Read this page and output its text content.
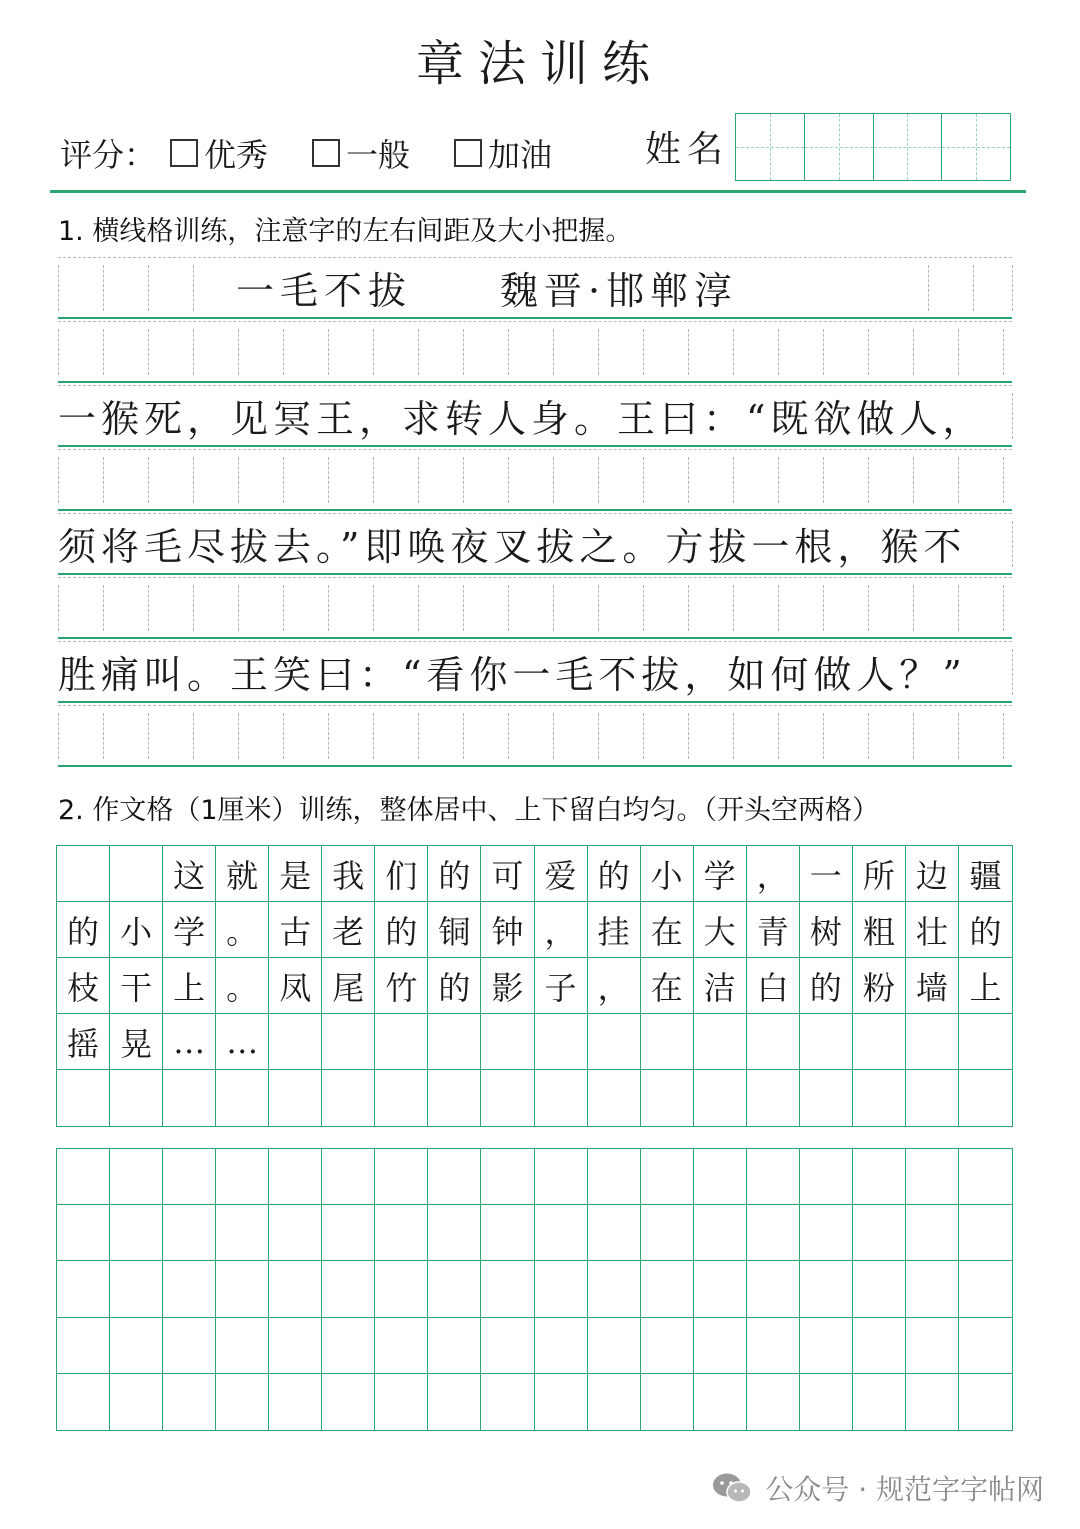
章法训练
评分： 优秀 一般 加油	姓名
1. 横线格训练，注意字的左右间距及大小把握。
一毛不拔　　魏晋·邯郸淳
一猴死，见冥王，求转人身。王曰：“既欲做人，
须将毛尽拔去。”即唤夜叉拔之。方拔一根，猴不
胜痛叫。王笑曰：“看你一毛不拔，如何做人？”
2. 作文格（1厘米）训练，整体居中、上下留白均匀。（开头空两格）
这 就 是 我 们 的 可 爱 的 小 学 ， 一 所 边 疆
的 小 学 。 古 老 的 铜 钟 ， 挂 在 大 青 树 粗 壮 的
枝 干 上 。 凤 尾 竹 的 影 子 ， 在 洁 白 的 粉 墙 上
摇 晃 … …
公众号 · 规范字字帖网
